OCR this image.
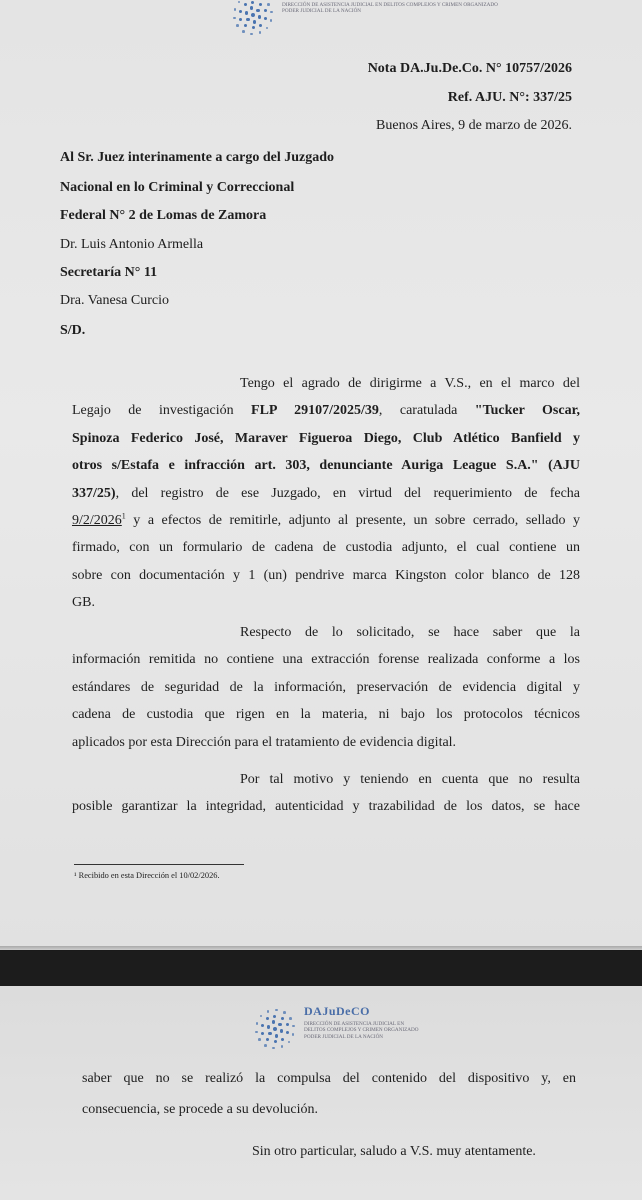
DIRECCIÓN DE ASISTENCIA JUDICIAL EN DELITOS COMPLEJOS Y CRIMEN ORGANIZADO
PODER JUDICIAL DE LA NACIÓN
Nota DA.Ju.De.Co. N° 10757/2026
Ref. AJU. N°: 337/25
Buenos Aires, 9 de marzo de 2026.
Al Sr. Juez interinamente a cargo del Juzgado
Nacional en lo Criminal y Correccional
Federal N° 2 de Lomas de Zamora
Dr. Luis Antonio Armella
Secretaría N° 11
Dra. Vanesa Curcio
S/D.
Tengo el agrado de dirigirme a V.S., en el marco del
Legajo de investigación FLP 29107/2025/39, caratulada "Tucker Oscar,
Spinoza Federico José, Maraver Figueroa Diego, Club Atlético Banfield y
otros s/Estafa e infracción art. 303, denunciante Auriga League S.A." (AJU
337/25), del registro de ese Juzgado, en virtud del requerimiento de fecha
9/2/2026$^1$ y a efectos de remitirle, adjunto al presente, un sobre cerrado, sellado y
firmado, con un formulario de cadena de custodia adjunto, el cual contiene un
sobre con documentación y 1 (un) pendrive marca Kingston color blanco de 128
GB.
Respecto de lo solicitado, se hace saber que la
información remitida no contiene una extracción forense realizada conforme a los
estándares de seguridad de la información, preservación de evidencia digital y
cadena de custodia que rigen en la materia, ni bajo los protocolos técnicos
aplicados por esta Dirección para el tratamiento de evidencia digital.
Por tal motivo y teniendo en cuenta que no resulta
posible garantizar la integridad, autenticidad y trazabilidad de los datos, se hace
¹ Recibido en esta Dirección el 10/02/2026.
DAJuDeCO
DIRECCIÓN DE ASISTENCIA JUDICIAL EN
DELITOS COMPLEJOS Y CRIMEN ORGANIZADO
PODER JUDICIAL DE LA NACIÓN
saber que no se realizó la compulsa del contenido del dispositivo y, en
consecuencia, se procede a su devolución.
Sin otro particular, saludo a V.S. muy atentamente.
